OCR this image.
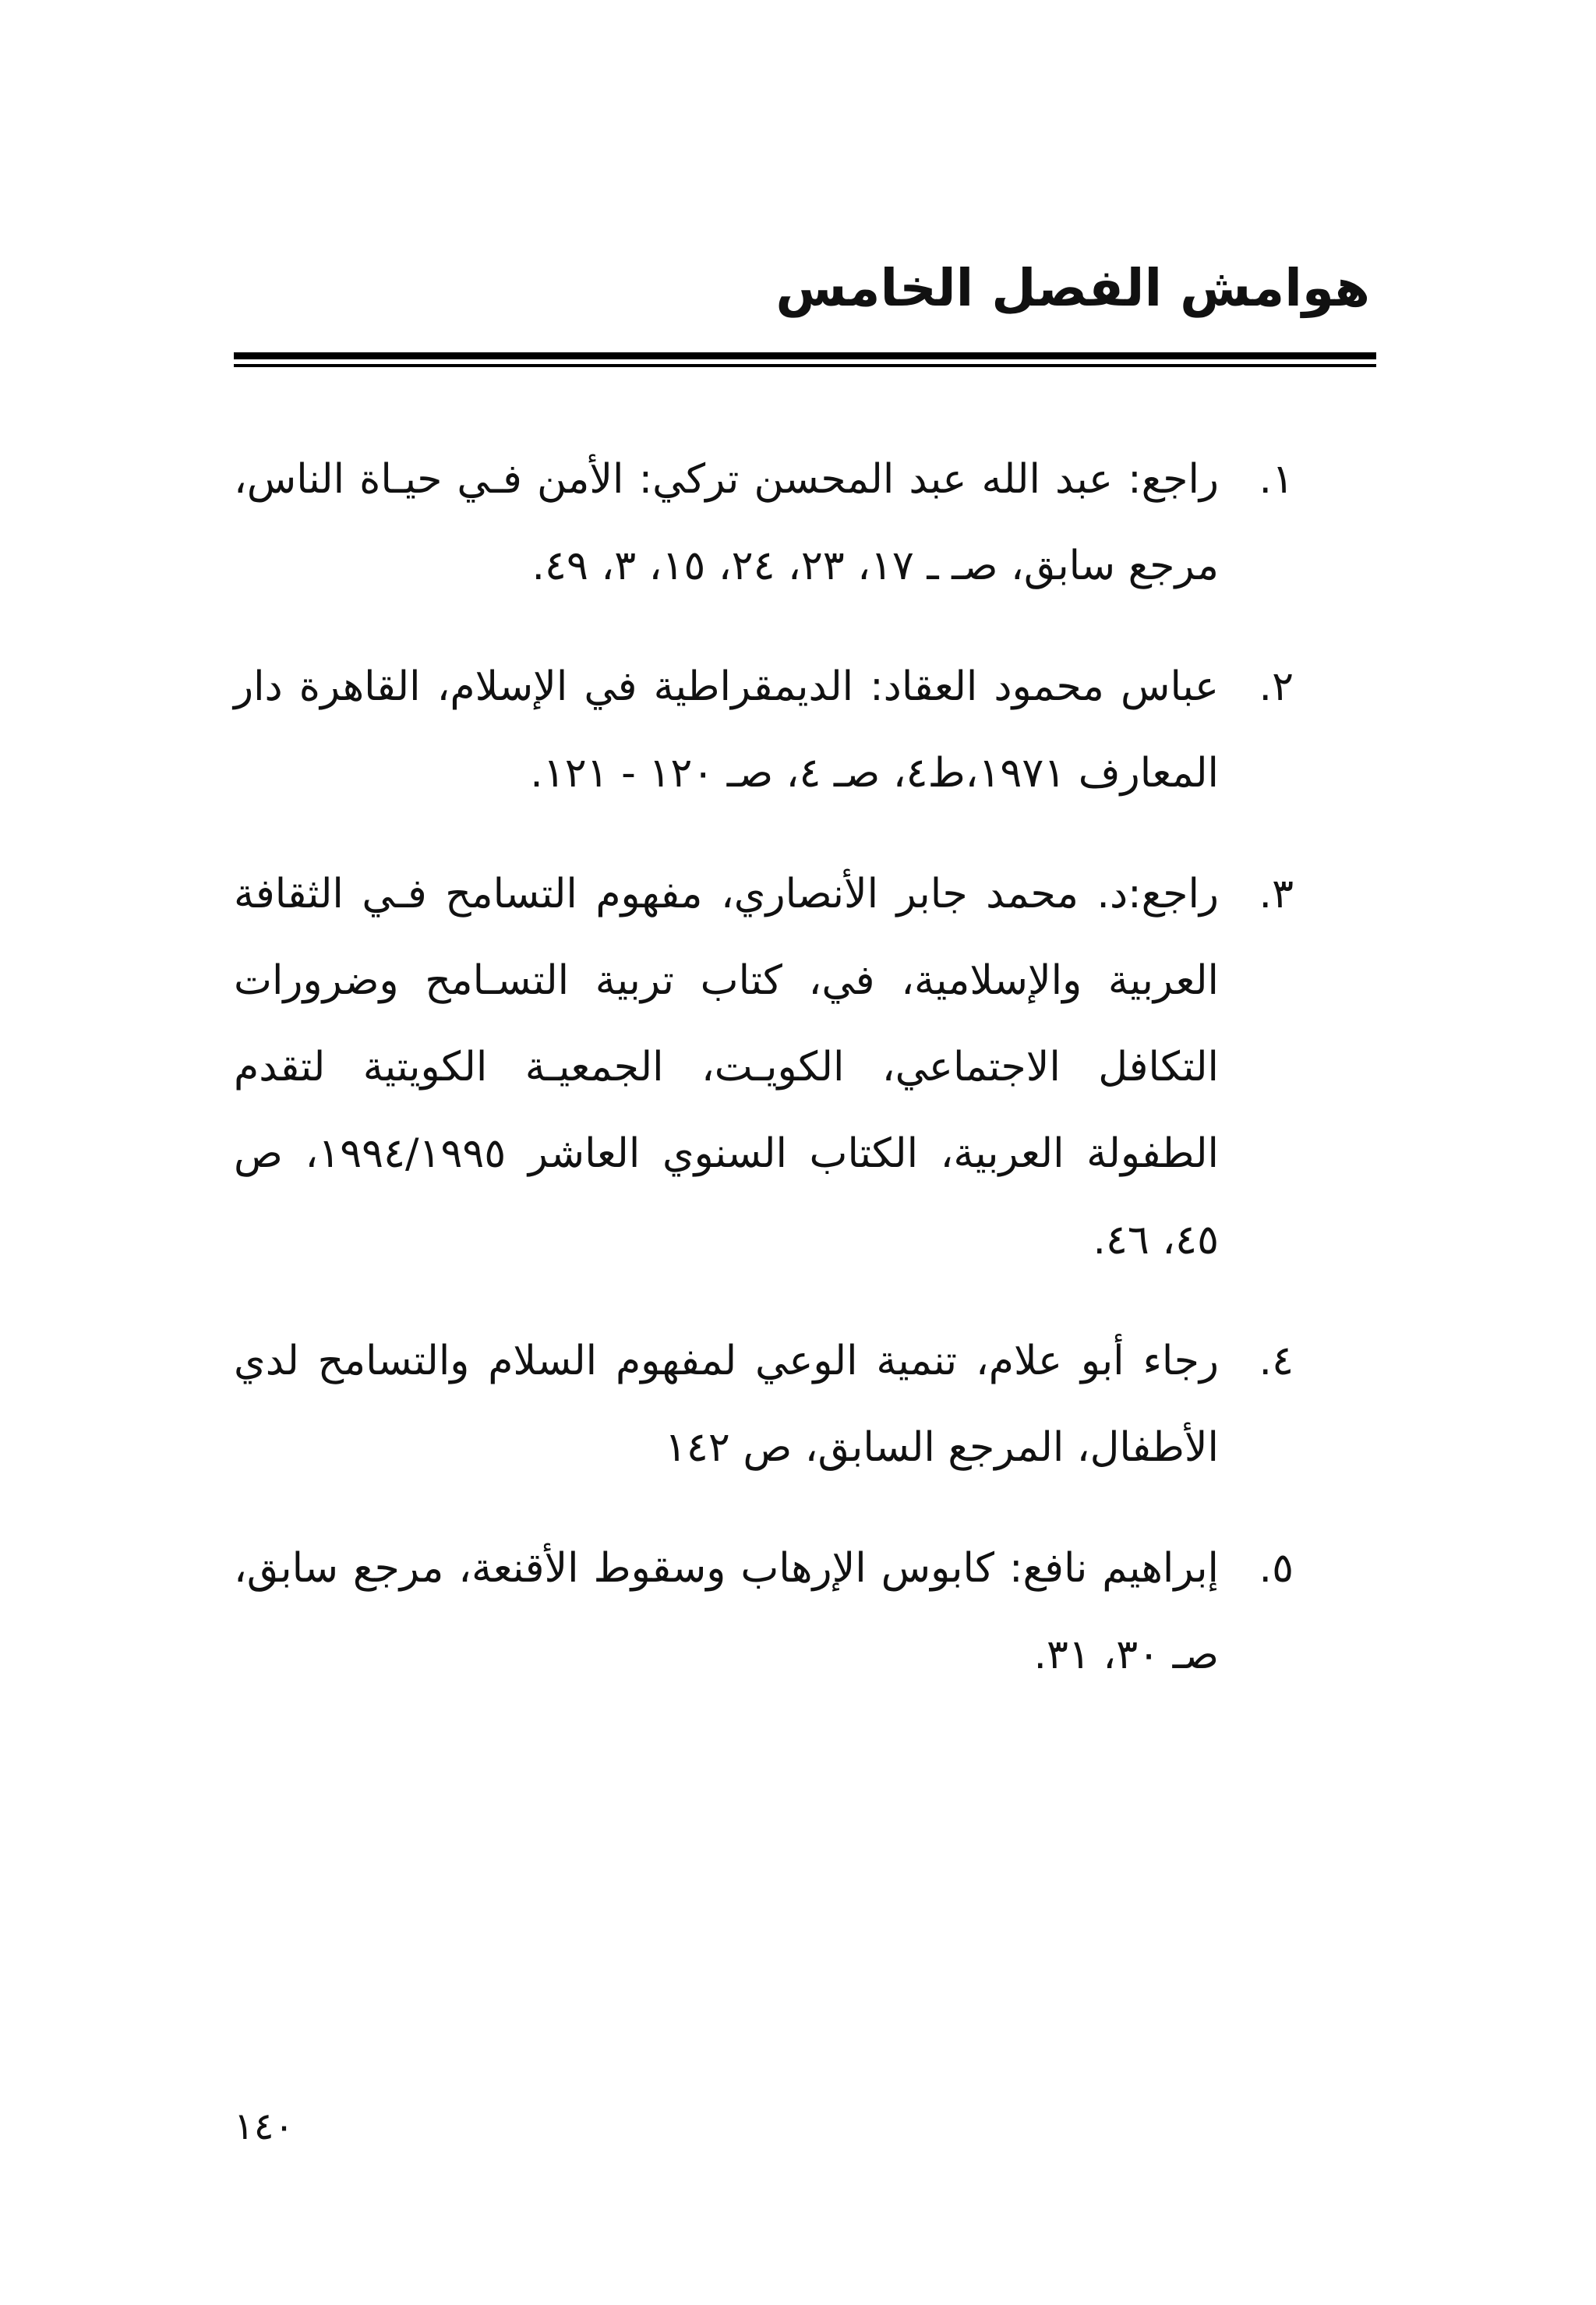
هوامش الفصل الخامس
١.
راجع: عبد الله عبد المحسن تركي: الأمن فـي حيـاة الناس، مرجع سابق، صـ ـ ١٧، ٢٣، ٢٤، ١٥، ٣، ٤٩.
٢.
عباس محمود العقاد: الديمقراطية في الإسلام، القاهرة دار المعارف ١٩٧١،ط٤، صـ ٤، صـ ١٢٠ - ١٢١.
٣.
راجع:د. محمد جابر الأنصاري، مفهوم التسامح فـي الثقافة العربية والإسلامية، في، كتاب تربية التسـامح وضرورات التكافل الاجتماعي، الكويـت، الجمعيـة الكويتية لتقدم الطفولة العربية، الكتاب السنوي العاشر ١٩٩٤/١٩٩٥، ص ٤٥، ٤٦.
٤.
رجاء أبو علام، تنمية الوعي لمفهوم السلام والتسامح لدي الأطفال، المرجع السابق، ص ١٤٢
٥.
إبراهيم نافع: كابوس الإرهاب وسقوط الأقنعة، مرجع سابق، صـ ٣٠، ٣١.
١٤٠
